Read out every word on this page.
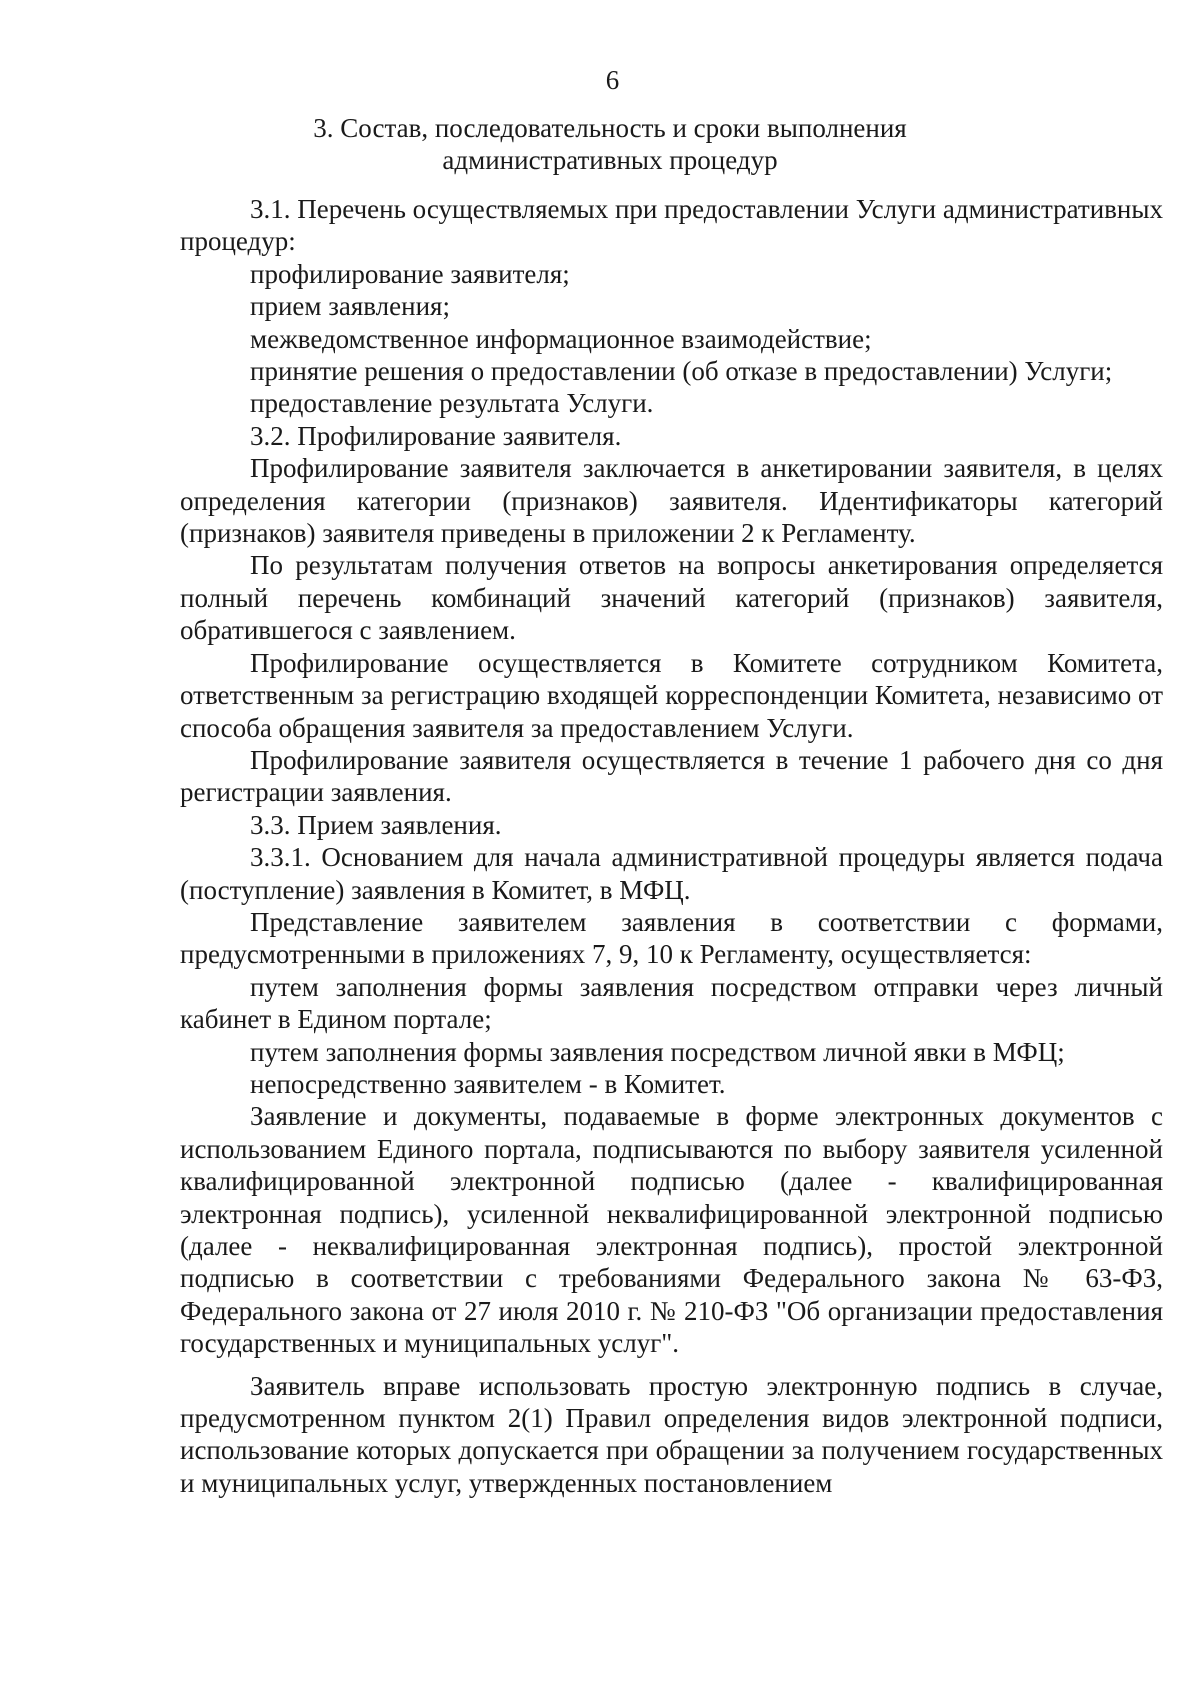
6
3. Состав, последовательность и сроки выполнения административных процедур

3.1. Перечень осуществляемых при предоставлении Услуги административных процедур:

профилирование заявителя;

прием заявления;

межведомственное информационное взаимодействие;

принятие решения о предоставлении (об отказе в предоставлении) Услуги;

предоставление результата Услуги.

3.2. Профилирование заявителя.

Профилирование заявителя заключается в анкетировании заявителя, в целях определения категории (признаков) заявителя. Идентификаторы категорий (признаков) заявителя приведены в приложении 2 к Регламенту.

По результатам получения ответов на вопросы анкетирования определяется полный перечень комбинаций значений категорий (признаков) заявителя, обратившегося с заявлением.

Профилирование осуществляется в Комитете сотрудником Комитета, ответственным за регистрацию входящей корреспонденции Комитета, независимо от способа обращения заявителя за предоставлением Услуги.

Профилирование заявителя осуществляется в течение 1 рабочего дня со дня регистрации заявления.

3.3. Прием заявления.

3.3.1. Основанием для начала административной процедуры является подача (поступление) заявления в Комитет, в МФЦ.

Представление заявителем заявления в соответствии с формами, предусмотренными в приложениях 7, 9, 10 к Регламенту, осуществляется:

путем заполнения формы заявления посредством отправки через личный кабинет в Едином портале;

путем заполнения формы заявления посредством личной явки в МФЦ;

непосредственно заявителем - в Комитет.

Заявление и документы, подаваемые в форме электронных документов с использованием Единого портала, подписываются по выбору заявителя усиленной квалифицированной электронной подписью (далее - квалифицированная электронная подпись), усиленной неквалифицированной электронной подписью (далее - неквалифицированная электронная подпись), простой электронной подписью в соответствии с требованиями Федерального закона № 63-ФЗ, Федерального закона от 27 июля 2010 г. № 210-ФЗ "Об организации предоставления государственных и муниципальных услуг".

Заявитель вправе использовать простую электронную подпись в случае, предусмотренном пунктом 2(1) Правил определения видов электронной подписи, использование которых допускается при обращении за получением государственных и муниципальных услуг, утвержденных постановлением
